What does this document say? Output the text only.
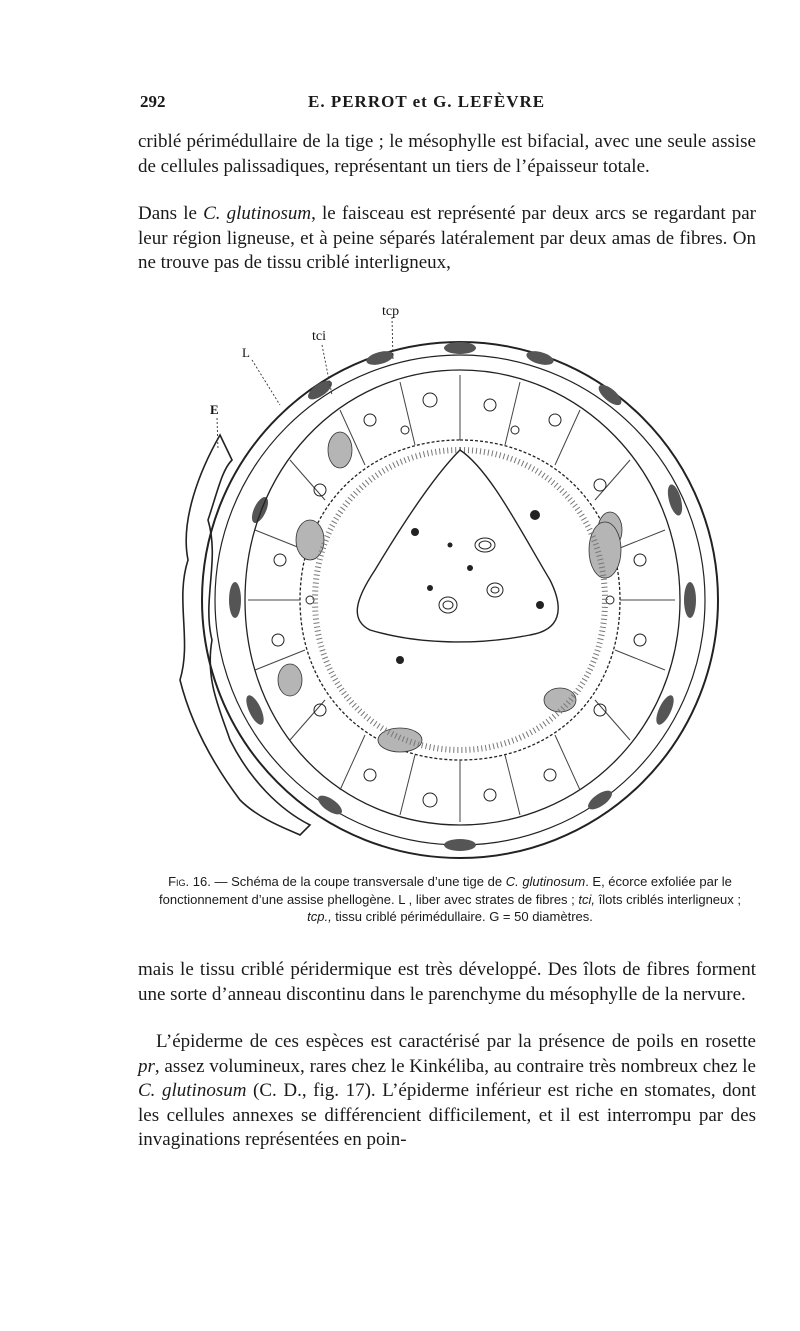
292	E. PERROT et G. LEFÈVRE

criblé périmédullaire de la tige ; le mésophylle est bifacial, avec une seule assise de cellules palissadiques, représentant un tiers de l’épaisseur totale.

Dans le C. glutinosum, le faisceau est représenté par deux arcs se regardant par leur région ligneuse, et à peine séparés latéralement par deux amas de fibres. On ne trouve pas de tissu criblé interligneux,

tcp
tci
L
E
Fig. 16. — Schéma de la coupe transversale d’une tige de C. glutinosum. E, écorce exfoliée par le fonctionnement d’une assise phellogène. L , liber avec strates de fibres ; tci, îlots criblés interligneux ; tcp., tissu criblé périmédullaire. G = 50 diamètres.

mais le tissu criblé péridermique est très développé. Des îlots de fibres forment une sorte d’anneau discontinu dans le parenchyme du mésophylle de la nervure.

L’épiderme de ces espèces est caractérisé par la présence de poils en rosette pr, assez volumineux, rares chez le Kinkéliba, au contraire très nombreux chez le C. glutinosum (C. D., fig. 17). L’épiderme inférieur est riche en stomates, dont les cellules annexes se différencient difficilement, et il est interrompu par des invaginations représentées en poin-
